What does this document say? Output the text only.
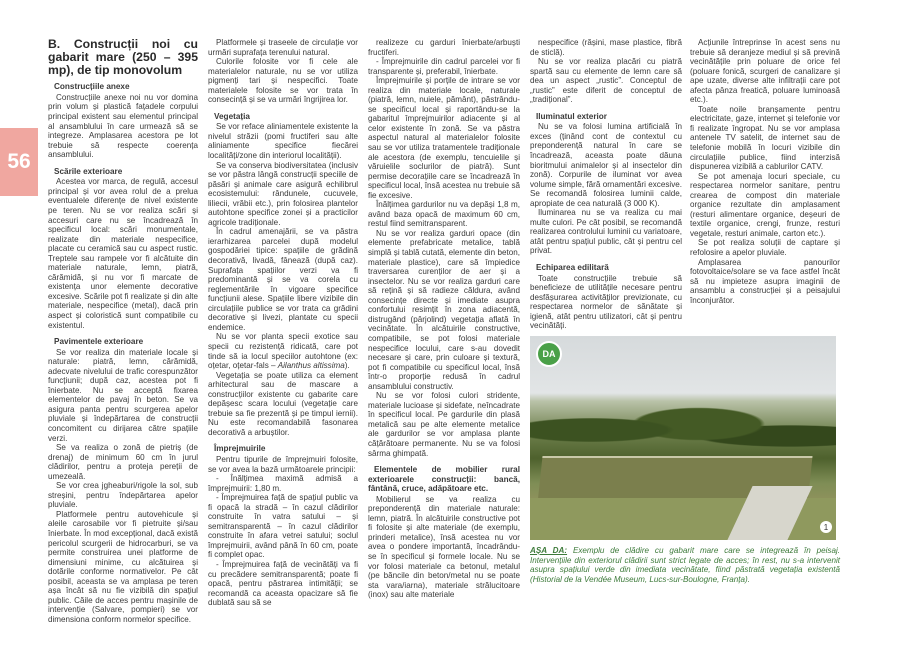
56
B. Construcții noi cu gabarit mare (250 – 395 mp), de tip monovolum
Construcțiile anexe

Construcțiile anexe noi nu vor domina prin volum și plastică fațadele corpului principal existent sau elementul principal al ansamblului în care urmează să se integreze. Amplasarea acestora pe lot trebuie să respecte coerența ansamblului.

Scările exterioare

Acestea vor marca, de regulă, accesul principal și vor avea rolul de a prelua eventualele diferențe de nivel existente pe teren. Nu se vor realiza scări și accesuri care nu se încadrează în specificul local: scări monumentale, realizate din materiale nespecifice, placate cu ceramică sau cu aspect rustic. Treptele sau rampele vor fi alcătuite din materiale naturale, lemn, piatră, cărămidă, și nu vor fi marcate de existența unor elemente decorative excesive. Scările pot fi realizate și din alte materiale, nespecifice (metal), dacă prin aspect și coloristică sunt compatibile cu existentul.

Pavimentele exterioare

Se vor realiza din materiale locale și naturale: piatră, lemn, cărămidă, adecvate nivelului de trafic corespunzător funcțiunii; după caz, acestea pot fi înierbate. Nu se acceptă fixarea elementelor de pavaj în beton. Se va asigura panta pentru scurgerea apelor pluviale și îndepărtarea de construcții concomitent cu dirijarea către spațiile verzi.

Se va realiza o zonă de pietriș (de drenaj) de minimum 60 cm în jurul clădirilor, pentru a proteja pereții de umezeală.

Se vor crea jgheaburi/rigole la sol, sub streșini, pentru îndepărtarea apelor pluviale.

Platformele pentru autovehicule și aleile carosabile vor fi pietruite și/sau înierbate. În mod excepțional, dacă există pericolul scurgerii de hidrocarburi, se va permite construirea unei platforme de dimensiuni minime, cu alcătuirea și dotările conforme normativelor. Pe cât posibil, aceasta se va amplasa pe teren așa încât să nu fie vizibilă din spațiul public. Căile de acces pentru mașinile de intervenție (Salvare, pompieri) se vor dimensiona conform normelor specifice.

Platformele și traseele de circulație vor urmări suprafața terenului natural.

Culorile folosite vor fi cele ale materialelor naturale, nu se vor utiliza pigmenți tari și nespecifici. Toate materialele folosite se vor trata în consecință și se va urmări îngrijirea lor.

Vegetația

Se vor reface aliniamentele existente la nivelul străzii (pomi fructiferi sau alte aliniamente specifice fiecărei localități/zone din interiorul localității).

Se va conserva biodiversitatea (inclusiv se vor păstra lângă construcții speciile de păsări și animale care asigură echilibrul ecosistemului: rândunele, cucuvele, liliecii, vrăbii etc.), prin folosirea plantelor autohtone specifice zonei și a practicilor agricole tradiționale.

În cadrul amenajării, se va păstra ierarhizarea parcelei după modelul gospodăriei tipice: spațiile de grădină decorativă, livadă, fânează (după caz). Suprafața spațiilor verzi va fi predominantă și se va corela cu reglementările în vigoare specifice funcțiunii alese. Spațiile libere vizibile din circulațiile publice se vor trata ca grădini decorative și livezi, plantate cu specii endemice.

Nu se vor planta specii exotice sau specii cu rezistență ridicată, care pot tinde să ia locul speciilor autohtone (ex: oțetar, oțetar-fals – Ailanthus altissima).

Vegetația se poate utiliza ca element arhitectural sau de mascare a construcțiilor existente cu gabarite care depășesc scara locului (vegetație care trebuie sa fie prezentă și pe timpul iernii). Nu este recomandabilă fasonarea decorativă a arbuștilor.

Împrejmuirile

Pentru tipurile de împrejmuiri folosite, se vor avea la bază următoarele principii:

- Înălțimea maximă admisă a împrejmuirii: 1,80 m.

- Împrejmuirea față de spațiul public va fi opacă la stradă – în cazul clădirilor construite în vatra satului – și semitransparentă – în cazul clădirilor construite în afara vetrei satului; soclul împrejmuirii, având până în 60 cm, poate fi complet opac.

- Împrejmuirea față de vecinătăți va fi cu precădere semitransparentă; poate fi opacă, pentru păstrarea intimității; se recomandă ca aceasta opacizare să fie dublată sau să se

realizeze cu garduri înierbate/arbuști fructiferi.

- Împrejmuirile din cadrul parcelei vor fi transparente și, preferabil, înierbate.

Împrejmuirile și porțile de intrare se vor realiza din materiale locale, naturale (piatră, lemn, nuiele, pământ), păstrându-se specificul local și raportându-se la gabaritul împrejmuirilor adiacente și al celor existente în zonă. Se va păstra aspectul natural al materialelor folosite sau se vor utiliza tratamentele tradiționale ale acestora (de exemplu, tencuielile și văruielile soclurilor de piatră). Sunt permise decorațiile care se încadrează în specificul local, însă acestea nu trebuie să fie excesive.

Înălțimea gardurilor nu va depăși 1,8 m, având baza opacă de maximum 60 cm, restul fiind semitransparent.

Nu se vor realiza garduri opace (din elemente prefabricate metalice, tablă simplă și tablă cutată, elemente din beton, materiale plastice), care să împiedice traversarea curenților de aer și a insectelor. Nu se vor realiza garduri care să rețină și să radieze căldura, având consecințe directe și imediate asupra confortului resimțit în zona adiacentă, distrugând (pârjolind) vegetația aflată în vecinătate. În alcătuirile constructive, compatibile, se pot folosi materiale nespecifice locului, care s-au dovedit necesare și care, prin culoare și textură, pot fi compatibile cu specificul local, însă într-o proporție redusă în cadrul ansamblului constructiv.

Nu se vor folosi culori stridente, materiale lucioase și sidefate, neîncadrate în specificul local. Pe gardurile din plasă metalică sau pe alte elemente metalice ale gardurilor se vor amplasa plante cățărătoare permanente. Nu se va folosi sârma ghimpată.

Elementele de mobilier rural exterioarele construcții: bancă, fântână, cruce, adăpătoare etc.

Mobilierul se va realiza cu preponderență din materiale naturale: lemn, piatră. În alcătuirile constructive pot fi folosite și alte materiale (de exemplu, prinderi metalice), însă acestea nu vor avea o pondere importantă, încadrându-se în specificul și formele locale. Nu se vor folosi materiale ca betonul, metalul (pe băncile din beton/metal nu se poate sta vara/iarna), materiale strălucitoare (inox) sau alte materiale

nespecifice (rășini, mase plastice, fibră de sticlă).

Nu se vor realiza placări cu piatră spartă sau cu elemente de lemn care să dea un aspect „rustic”. Conceptul de „rustic” este diferit de conceptul de „tradițional”.

Iluminatul exterior

Nu se va folosi lumina artificială în exces (ținând cont de contextul cu preponderență natural în care se încadrează, aceasta poate dăuna bioritmului animalelor și al insectelor din zonă). Corpurile de iluminat vor avea volume simple, fără ornamentări excesive. Se recomandă folosirea luminii calde, apropiate de cea naturală (3 000 K).

Iluminarea nu se va realiza cu mai multe culori. Pe cât posibil, se recomandă realizarea controlului luminii cu variatoare, atât pentru spațiul public, cât și pentru cel privat.

Echiparea edilitară

Toate construcțiile trebuie să beneficieze de utilitățile necesare pentru desfășurarea activităților previzionate, cu respectarea normelor de sănătate și igienă, atât pentru utilizatori, cât și pentru vecinătăți.

Acțiunile întreprinse în acest sens nu trebuie să deranjeze mediul și să prevină vecinătățile prin poluare de orice fel (poluare fonică, scurgeri de canalizare și ape uzate, diverse alte infiltrații care pot afecta pânza freatică, poluare luminoasă etc.).

Toate noile branșamente pentru electricitate, gaze, internet și telefonie vor fi realizate îngropat. Nu se vor amplasa antenele TV satelit, de internet sau de telefonie mobilă în locuri vizibile din circulațiile publice, fiind interzisă dispunerea vizibilă a cablurilor CATV.

Se pot amenaja locuri speciale, cu respectarea normelor sanitare, pentru crearea de compost din materiale organice rezultate din amplasament (resturi alimentare organice, deșeuri de textile organice, crengi, frunze, resturi vegetale, resturi animale, carton etc.).

Se pot realiza soluții de captare și refolosire a apelor pluviale.

Amplasarea panourilor fotovoltaice/solare se va face astfel încât să nu impieteze asupra imaginii de ansamblu a construcției și a peisajului înconjurător.

DA
1
AȘA DA: Exemplu de clădire cu gabarit mare care se integrează în peisaj. Intervențiile din exteriorul clădirii sunt strict legate de acces; în rest, nu s-a intervenit asupra spațiului verde din imediata vecinătate, fiind păstrată vegetația existentă (Historial de la Vendée Museum, Lucs-sur-Boulogne, Franța).
